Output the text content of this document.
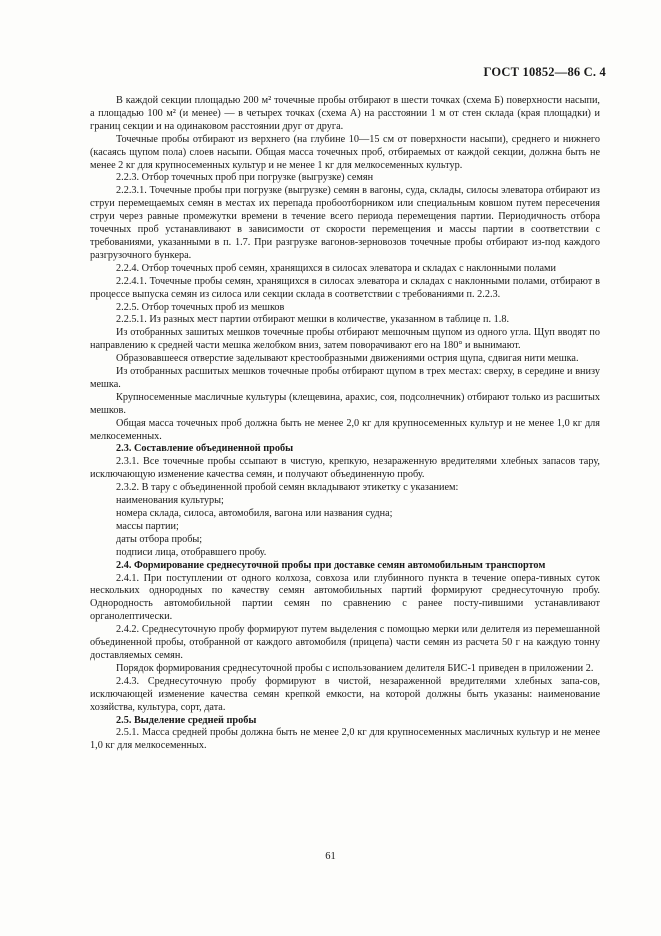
ГОСТ 10852—86 С. 4

В каждой секции площадью 200 м² точечные пробы отбирают в шести точках (схема Б) поверхности насыпи, а площадью 100 м² (и менее) — в четырех точках (схема А) на расстоянии 1 м от стен склада (края площадки) и границ секции и на одинаковом расстоянии друг от друга.

Точечные пробы отбирают из верхнего (на глубине 10—15 см от поверхности насыпи), среднего и нижнего (касаясь щупом пола) слоев насыпи. Общая масса точечных проб, отбираемых от каждой секции, должна быть не менее 2 кг для крупносеменных культур и не менее 1 кг для мелкосеменных культур.

2.2.3. Отбор точечных проб при погрузке (выгрузке) семян

2.2.3.1. Точечные пробы при погрузке (выгрузке) семян в вагоны, суда, склады, силосы элеватора отбирают из струи перемещаемых семян в местах их перепада пробоотборником или специальным ковшом путем пересечения струи через равные промежутки времени в течение всего периода перемещения партии. Периодичность отбора точечных проб устанавливают в зависимости от скорости перемещения и массы партии в соответствии с требованиями, указанными в п. 1.7. При разгрузке вагонов-зерновозов точечные пробы отбирают из-под каждого разгрузочного бункера.

2.2.4. Отбор точечных проб семян, хранящихся в силосах элеватора и складах с наклонными полами

2.2.4.1. Точечные пробы семян, хранящихся в силосах элеватора и складах с наклонными полами, отбирают в процессе выпуска семян из силоса или секции склада в соответствии с требованиями п. 2.2.3.

2.2.5. Отбор точечных проб из мешков

2.2.5.1. Из разных мест партии отбирают мешки в количестве, указанном в таблице п. 1.8.

Из отобранных зашитых мешков точечные пробы отбирают мешочным щупом из одного угла. Щуп вводят по направлению к средней части мешка желобком вниз, затем поворачивают его на 180° и вынимают.

Образовавшееся отверстие заделывают крестообразными движениями острия щупа, сдвигая нити мешка.

Из отобранных расшитых мешков точечные пробы отбирают щупом в трех местах: сверху, в середине и внизу мешка.

Крупносеменные масличные культуры (клещевина, арахис, соя, подсолнечник) отбирают только из расшитых мешков.

Общая масса точечных проб должна быть не менее 2,0 кг для крупносеменных культур и не менее 1,0 кг для мелкосеменных.

2.3. Составление объединенной пробы

2.3.1. Все точечные пробы ссыпают в чистую, крепкую, незараженную вредителями хлебных запасов тару, исключающую изменение качества семян, и получают объединенную пробу.

2.3.2. В тару с объединенной пробой семян вкладывают этикетку с указанием:

наименования культуры;

номера склада, силоса, автомобиля, вагона или названия судна;

массы партии;

даты отбора пробы;

подписи лица, отобравшего пробу.

2.4. Формирование среднесуточной пробы при доставке семян автомобильным транспортом

2.4.1. При поступлении от одного колхоза, совхоза или глубинного пункта в течение опера-тивных суток нескольких однородных по качеству семян автомобильных партий формируют среднесуточную пробу. Однородность автомобильной партии семян по сравнению с ранее посту-пившими устанавливают органолептически.

2.4.2. Среднесуточную пробу формируют путем выделения с помощью мерки или делителя из перемешанной объединенной пробы, отобранной от каждого автомобиля (прицепа) части семян из расчета 50 г на каждую тонну доставляемых семян.

Порядок формирования среднесуточной пробы с использованием делителя БИС-1 приведен в приложении 2.

2.4.3. Среднесуточную пробу формируют в чистой, незараженной вредителями хлебных запа-сов, исключающей изменение качества семян крепкой емкости, на которой должны быть указаны: наименование хозяйства, культура, сорт, дата.

2.5. Выделение средней пробы

2.5.1. Масса средней пробы должна быть не менее 2,0 кг для крупносеменных масличных культур и не менее 1,0 кг для мелкосеменных.

61
